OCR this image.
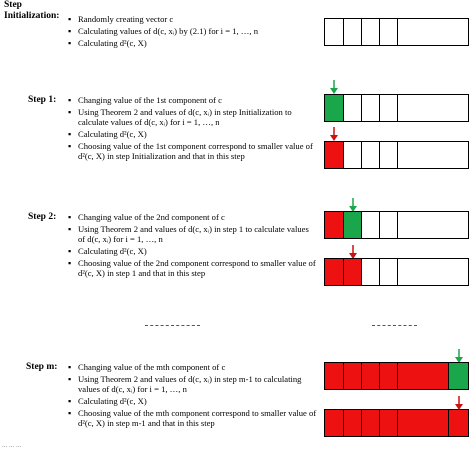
Step
Initialization:	▪ Randomly creating vector c
▪ Calculating values of d(c, xᵢ) by (2.1) for i = 1, …, n
▪ Calculating d²(c, X)
Step 1:	▪ Changing value of the 1st component of c
▪ Using Theorem 2 and values of d(c, xᵢ) in step Initialization to calculate values of d(c, xᵢ) for i = 1, …, n
▪ Calculating d²(c, X)
▪ Choosing value of the 1st component correspond to smaller value of d²(c, X) in step Initialization and that in this step
Step 2:	▪ Changing value of the 2nd component of c
▪ Using Theorem 2 and values of d(c, xᵢ) in step 1 to calculate values of d(c, xᵢ) for i = 1, …, n
▪ Calculating d²(c, X)
▪ Choosing value of the 2nd component correspond to smaller value of d²(c, X) in step 1 and that in this step
Step m:	▪ Changing value of the mth component of c
▪ Using Theorem 2 and values of d(c, xᵢ) in step m-1 to calculating values of d(c, xᵢ) for i = 1, …, n
▪ Calculating d²(c, X)
▪ Choosing value of the mth component correspond to smaller value of d²(c, X) in step m-1 and that in this step
... ... ...
